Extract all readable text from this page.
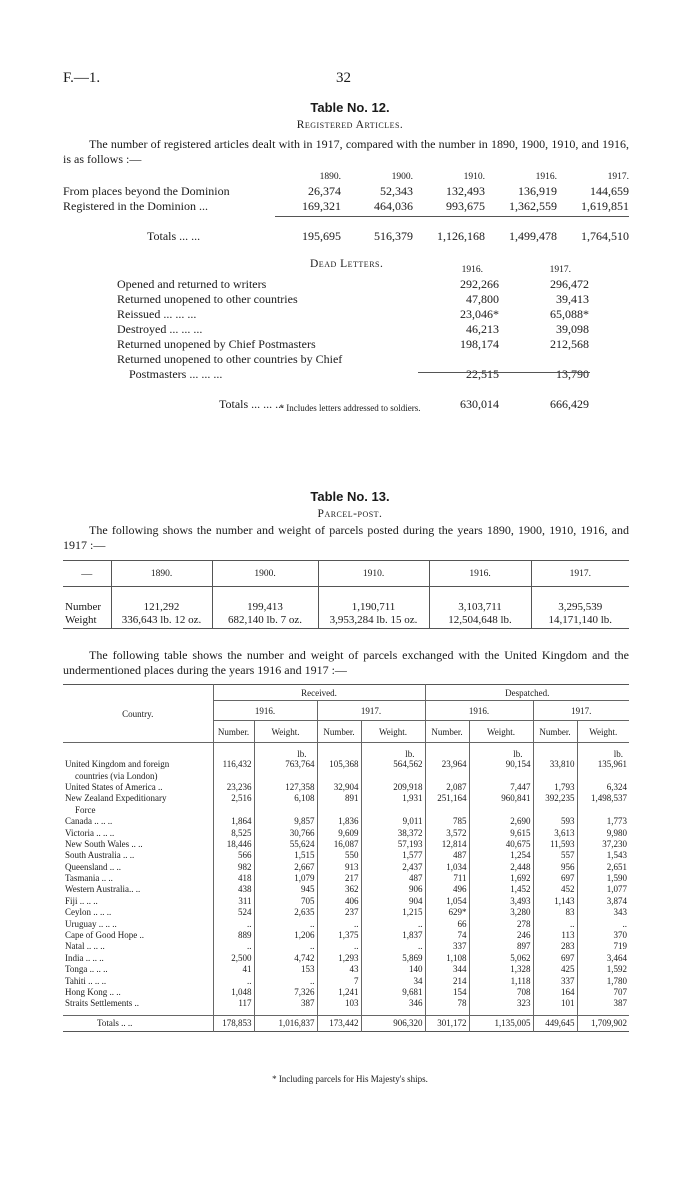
F.—1.	32
Table No. 12.
Registered Articles.
The number of registered articles dealt with in 1917, compared with the number in 1890, 1900, 1910, and 1916, is as follows :—
	1890.	1900.	1910.	1916.	1917.
From places beyond the Dominion	26,374	52,343	132,493	136,919	144,659
Registered in the Dominion ...	169,321	464,036	993,675	1,362,559	1,619,851

Totals ... ...	195,695	516,379	1,126,168	1,499,478	1,764,510
Dead Letters.
		1916.	1917.
Opened and returned to writers	292,266	296,472
Returned unopened to other countries	47,800	39,413
Reissued ... ... ...	23,046*	65,088*
Destroyed ... ... ...	46,213	39,098
Returned unopened by Chief Postmasters	198,174	212,568
Returned unopened to other countries by Chief		
Postmasters ... ... ...	22,515	13,790

Totals ... ... ...	630,014	666,429
* Includes letters addressed to soldiers.
Table No. 13.
Parcel-post.
The following shows the number and weight of parcels posted during the years 1890, 1900, 1910, 1916, and 1917 :—
—	1890.	1900.	1910.	1916.	1917.

Number	121,292	199,413	1,190,711	3,103,711	3,295,539
Weight	336,643 lb. 12 oz.	682,140 lb. 7 oz.	3,953,284 lb. 15 oz.	12,504,648 lb.	14,171,140 lb.
The following table shows the number and weight of parcels exchanged with the United Kingdom and the undermentioned places during the years 1916 and 1917 :—
Country.	Received.				Despatched.			
	1916.		1917.		1916.		1917.	
	Number.	Weight.	Number.	Weight.	Number.	Weight.	Number.	Weight.
		lb.		lb.		lb.		lb.
United Kingdom and foreign	116,432	763,764	105,368	564,562	23,964	90,154	33,810	135,961
countries (via London)								
United States of America ..	23,236	127,358	32,904	209,918	2,087	7,447	1,793	6,324
New Zealand Expeditionary	2,516	6,108	891	1,931	251,164	960,841	392,235	1,498,537
Force								
Canada .. .. ..	1,864	9,857	1,836	9,011	785	2,690	593	1,773
Victoria .. .. ..	8,525	30,766	9,609	38,372	3,572	9,615	3,613	9,980
New South Wales .. ..	18,446	55,624	16,087	57,193	12,814	40,675	11,593	37,230
South Australia .. ..	566	1,515	550	1,577	487	1,254	557	1,543
Queensland .. ..	982	2,667	913	2,437	1,034	2,448	956	2,651
Tasmania .. ..	418	1,079	217	487	711	1,692	697	1,590
Western Australia.. ..	438	945	362	906	496	1,452	452	1,077
Fiji .. .. ..	311	705	406	904	1,054	3,493	1,143	3,874
Ceylon .. .. ..	524	2,635	237	1,215	629*	3,280	83	343
Uruguay .. .. ..	..	..	..	..	66	278	..	..
Cape of Good Hope ..	889	1,206	1,375	1,837	74	246	113	370
Natal .. .. ..	..	..	..	..	337	897	283	719
India .. .. ..	2,500	4,742	1,293	5,869	1,108	5,062	697	3,464
Tonga .. .. ..	41	153	43	140	344	1,328	425	1,592
Tahiti .. .. ..	..	..	7	34	214	1,118	337	1,780
Hong Kong .. ..	1,048	7,326	1,241	9,681	154	708	164	707
Straits Settlements ..	117	387	103	346	78	323	101	387

Totals .. ..	178,853	1,016,837	173,442	906,320	301,172	1,135,005	449,645	1,709,902
* Including parcels for His Majesty's ships.
